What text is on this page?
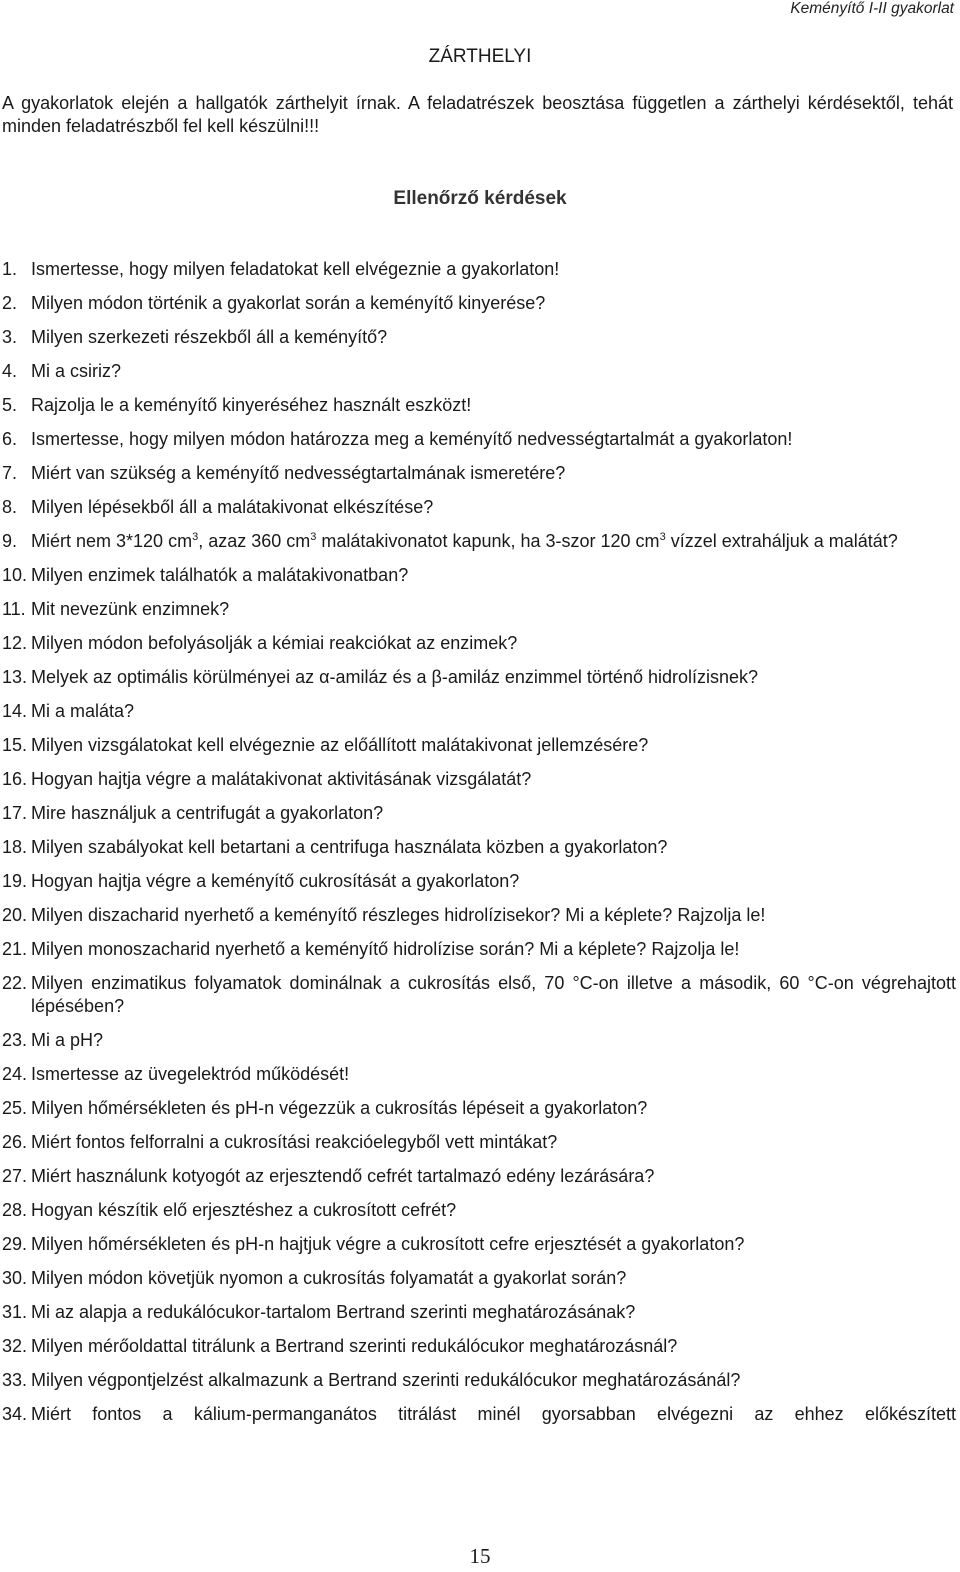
Keményítő I-II gyakorlat
ZÁRTHELYI
A gyakorlatok elején a hallgatók zárthelyit írnak. A feladatrészek beosztása független a zárthelyi kérdésektől, tehát minden feladatrészből fel kell készülni!!!
Ellenőrző kérdések
1. Ismertesse, hogy milyen feladatokat kell elvégeznie a gyakorlaton!
2. Milyen módon történik a gyakorlat során a keményítő kinyerése?
3. Milyen szerkezeti részekből áll a keményítő?
4. Mi a csiriz?
5. Rajzolja le a keményítő kinyeréséhez használt eszközt!
6. Ismertesse, hogy milyen módon határozza meg a keményítő nedvességtartalmát a gyakorlaton!
7. Miért van szükség a keményítő nedvességtartalmának ismeretére?
8. Milyen lépésekből áll a malátakivonat elkészítése?
9. Miért nem 3*120 $cm^3$, azaz 360 $cm^3$ malátakivonatot kapunk, ha 3-szor 120 $cm^3$ vízzel extraháljuk a malátát?
10. Milyen enzimek találhatók a malátakivonatban?
11. Mit nevezünk enzimnek?
12. Milyen módon befolyásolják a kémiai reakciókat az enzimek?
13. Melyek az optimális körülményei az α-amiláz és a β-amiláz enzimmel történő hidrolízisnek?
14. Mi a maláta?
15. Milyen vizsgálatokat kell elvégeznie az előállított malátakivonat jellemzésére?
16. Hogyan hajtja végre a malátakivonat aktivitásának vizsgálatát?
17. Mire használjuk a centrifugát a gyakorlaton?
18. Milyen szabályokat kell betartani a centrifuga használata közben a gyakorlaton?
19. Hogyan hajtja végre a keményítő cukrosítását a gyakorlaton?
20. Milyen diszacharid nyerhető a keményítő részleges hidrolízisekor? Mi a képlete? Rajzolja le!
21. Milyen monoszacharid nyerhető a keményítő hidrolízise során? Mi a képlete? Rajzolja le!
22. Milyen enzimatikus folyamatok dominálnak a cukrosítás első, 70 °C-on illetve a második, 60 °C-on végrehajtott lépésében?
23. Mi a pH?
24. Ismertesse az üvegelektród működését!
25. Milyen hőmérsékleten és pH-n végezzük a cukrosítás lépéseit a gyakorlaton?
26. Miért fontos felforralni a cukrosítási reakcióelegyből vett mintákat?
27. Miért használunk kotyogót az erjesztendő cefrét tartalmazó edény lezárására?
28. Hogyan készítik elő erjesztéshez a cukrosított cefrét?
29. Milyen hőmérsékleten és pH-n hajtjuk végre a cukrosított cefre erjesztését a gyakorlaton?
30. Milyen módon követjük nyomon a cukrosítás folyamatát a gyakorlat során?
31. Mi az alapja a redukálócukor-tartalom Bertrand szerinti meghatározásának?
32. Milyen mérőoldattal titrálunk a Bertrand szerinti redukálócukor meghatározásnál?
33. Milyen végpontjelzést alkalmazunk a Bertrand szerinti redukálócukor meghatározásánál?
34. Miért fontos a kálium-permanganátos titrálást minél gyorsabban elvégezni az ehhez előkészített
15
